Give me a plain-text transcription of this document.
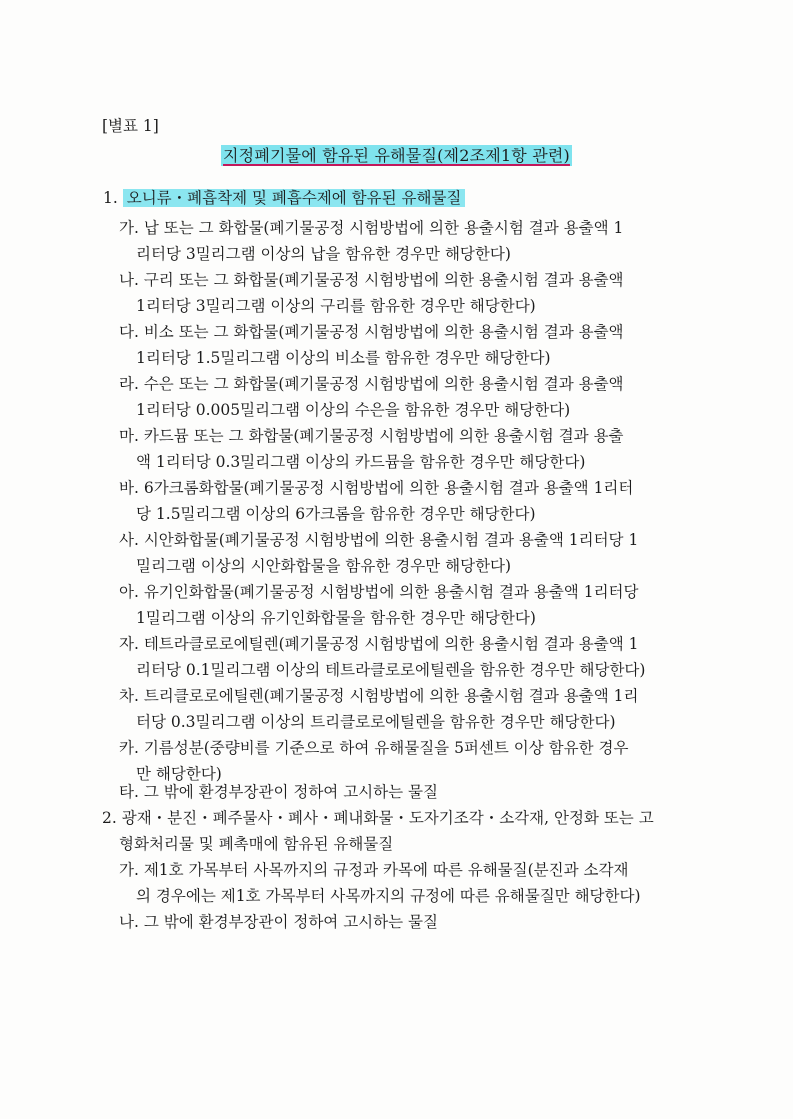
[별표 1]
지정폐기물에 함유된 유해물질(제2조제1항 관련)
1. 오니류・폐흡착제 및 폐흡수제에 함유된 유해물질
가. 납 또는 그 화합물(폐기물공정 시험방법에 의한 용출시험 결과 용출액 1
리터당 3밀리그램 이상의 납을 함유한 경우만 해당한다)
나. 구리 또는 그 화합물(폐기물공정 시험방법에 의한 용출시험 결과 용출액
1리터당 3밀리그램 이상의 구리를 함유한 경우만 해당한다)
다. 비소 또는 그 화합물(폐기물공정 시험방법에 의한 용출시험 결과 용출액
1리터당 1.5밀리그램 이상의 비소를 함유한 경우만 해당한다)
라. 수은 또는 그 화합물(폐기물공정 시험방법에 의한 용출시험 결과 용출액
1리터당 0.005밀리그램 이상의 수은을 함유한 경우만 해당한다)
마. 카드뮴 또는 그 화합물(폐기물공정 시험방법에 의한 용출시험 결과 용출
액 1리터당 0.3밀리그램 이상의 카드뮴을 함유한 경우만 해당한다)
바. 6가크롬화합물(폐기물공정 시험방법에 의한 용출시험 결과 용출액 1리터
당 1.5밀리그램 이상의 6가크롬을 함유한 경우만 해당한다)
사. 시안화합물(폐기물공정 시험방법에 의한 용출시험 결과 용출액 1리터당 1
밀리그램 이상의 시안화합물을 함유한 경우만 해당한다)
아. 유기인화합물(폐기물공정 시험방법에 의한 용출시험 결과 용출액 1리터당
1밀리그램 이상의 유기인화합물을 함유한 경우만 해당한다)
자. 테트라클로로에틸렌(폐기물공정 시험방법에 의한 용출시험 결과 용출액 1
리터당 0.1밀리그램 이상의 테트라클로로에틸렌을 함유한 경우만 해당한다)
차. 트리클로로에틸렌(폐기물공정 시험방법에 의한 용출시험 결과 용출액 1리
터당 0.3밀리그램 이상의 트리클로로에틸렌을 함유한 경우만 해당한다)
카. 기름성분(중량비를 기준으로 하여 유해물질을 5퍼센트 이상 함유한 경우
만 해당한다)
타. 그 밖에 환경부장관이 정하여 고시하는 물질
2. 광재・분진・폐주물사・폐사・폐내화물・도자기조각・소각재, 안정화 또는 고
형화처리물 및 폐촉매에 함유된 유해물질
가. 제1호 가목부터 사목까지의 규정과 카목에 따른 유해물질(분진과 소각재
의 경우에는 제1호 가목부터 사목까지의 규정에 따른 유해물질만 해당한다)
나. 그 밖에 환경부장관이 정하여 고시하는 물질
